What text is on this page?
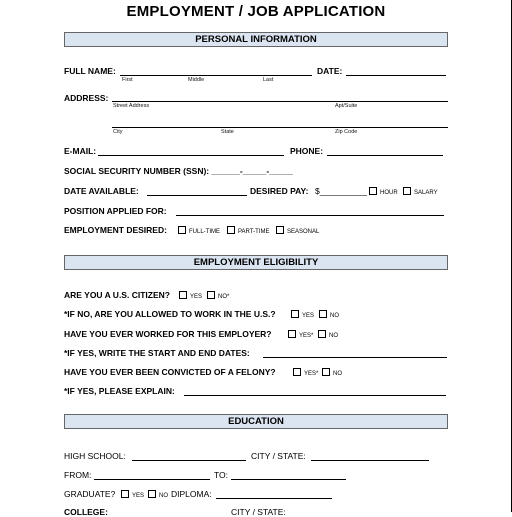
EMPLOYMENT / JOB APPLICATION
PERSONAL INFORMATION
FULL NAME:
First	Middle	Last
DATE:
ADDRESS:
Street Address	Apt/Suite
City	State	Zip Code
E-MAIL:	PHONE:
SOCIAL SECURITY NUMBER (SSN): ______-_____-_____
DATE AVAILABLE:	DESIRED PAY: $__________	HOUR	SALARY
POSITION APPLIED FOR:
EMPLOYMENT DESIRED:	FULL-TIME	PART-TIME	SEASONAL
EMPLOYMENT ELIGIBILITY
ARE YOU A U.S. CITIZEN?	YES	NO*
*IF NO, ARE YOU ALLOWED TO WORK IN THE U.S.?	YES	NO
HAVE YOU EVER WORKED FOR THIS EMPLOYER?	YES*	NO
*IF YES, WRITE THE START AND END DATES:
HAVE YOU EVER BEEN CONVICTED OF A FELONY?	YES*	NO
*IF YES, PLEASE EXPLAIN:
EDUCATION
HIGH SCHOOL:	CITY / STATE:
FROM:	TO:
GRADUATE?	YES	NO DIPLOMA:
COLLEGE:	CITY / STATE:
